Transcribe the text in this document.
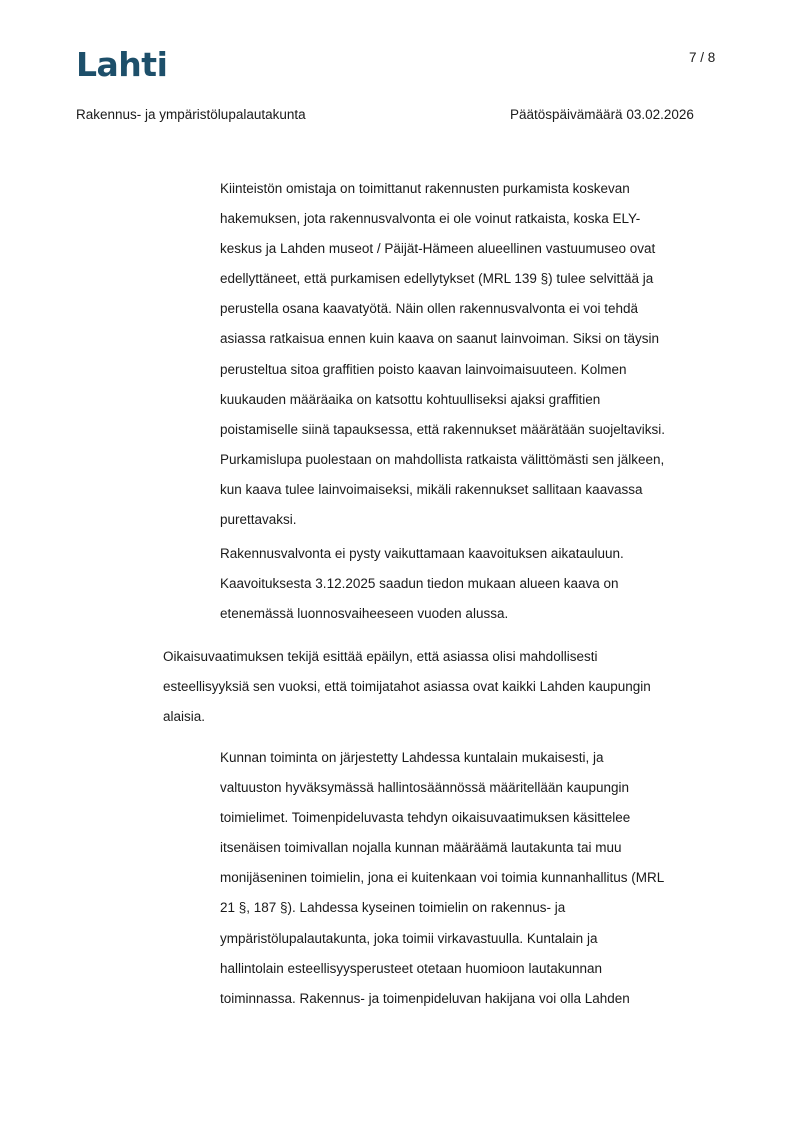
Lahti	7 / 8
Rakennus- ja ympäristölupalautakunta	Päätöspäivämäärä 03.02.2026
Kiinteistön omistaja on toimittanut rakennusten purkamista koskevan
hakemuksen, jota rakennusvalvonta ei ole voinut ratkaista, koska ELY-
keskus ja Lahden museot / Päijät-Hämeen alueellinen vastuumuseo ovat
edellyttäneet, että purkamisen edellytykset (MRL 139 §) tulee selvittää ja
perustella osana kaavatyötä. Näin ollen rakennusvalvonta ei voi tehdä
asiassa ratkaisua ennen kuin kaava on saanut lainvoiman. Siksi on täysin
perusteltua sitoa graffitien poisto kaavan lainvoimaisuuteen. Kolmen
kuukauden määräaika on katsottu kohtuulliseksi ajaksi graffitien
poistamiselle siinä tapauksessa, että rakennukset määrätään suojeltaviksi.
Purkamislupa puolestaan on mahdollista ratkaista välittömästi sen jälkeen,
kun kaava tulee lainvoimaiseksi, mikäli rakennukset sallitaan kaavassa
purettavaksi.
Rakennusvalvonta ei pysty vaikuttamaan kaavoituksen aikatauluun.
Kaavoituksesta 3.12.2025 saadun tiedon mukaan alueen kaava on
etenemässä luonnosvaiheeseen vuoden alussa.
Oikaisuvaatimuksen tekijä esittää epäilyn, että asiassa olisi mahdollisesti
esteellisyyksiä sen vuoksi, että toimijatahot asiassa ovat kaikki Lahden kaupungin
alaisia.
Kunnan toiminta on järjestetty Lahdessa kuntalain mukaisesti, ja
valtuuston hyväksymässä hallintosäännössä määritellään kaupungin
toimielimet. Toimenpideluvasta tehdyn oikaisuvaatimuksen käsittelee
itsenäisen toimivallan nojalla kunnan määräämä lautakunta tai muu
monijäseninen toimielin, jona ei kuitenkaan voi toimia kunnanhallitus (MRL
21 §, 187 §). Lahdessa kyseinen toimielin on rakennus- ja
ympäristölupalautakunta, joka toimii virkavastuulla. Kuntalain ja
hallintolain esteellisyysperusteet otetaan huomioon lautakunnan
toiminnassa. Rakennus- ja toimenpideluvan hakijana voi olla Lahden
